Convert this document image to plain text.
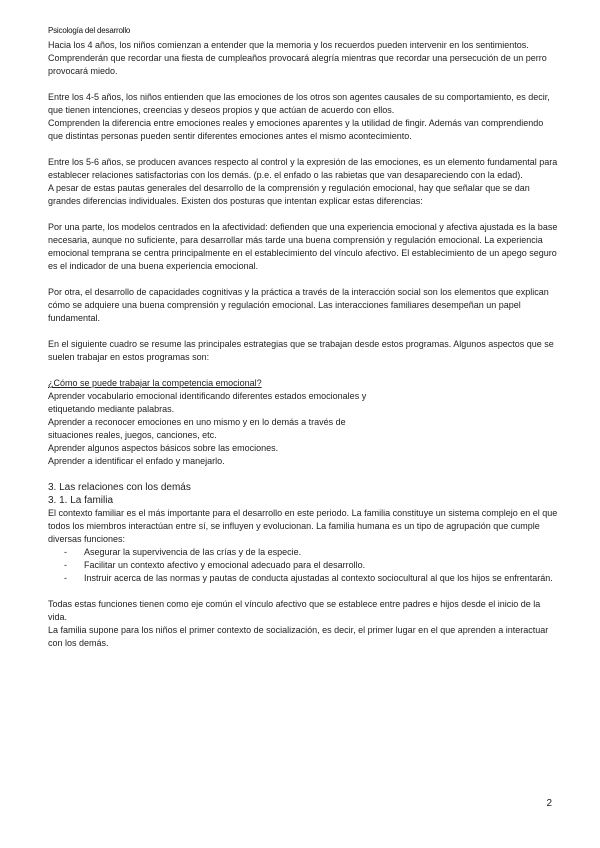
Psicología del desarrollo

Hacia los 4 años, los niños comienzan a entender que la memoria y los recuerdos pueden intervenir en los sentimientos. Comprenderán que recordar una fiesta de cumpleaños provocará alegría mientras que recordar una persecución de un perro provocará miedo.

Entre los 4-5 años, los niños entienden que las emociones de los otros son agentes causales de su comportamiento, es decir, que tienen intenciones, creencias y deseos propios y que actúan de acuerdo con ellos.

Comprenden la diferencia entre emociones reales y emociones aparentes y la utilidad de fingir. Además van comprendiendo que distintas personas pueden sentir diferentes emociones antes el mismo acontecimiento.

Entre los 5-6 años, se producen avances respecto al control y la expresión de las emociones, es un elemento fundamental para establecer relaciones satisfactorias con los demás. (p.e. el enfado o las rabietas que van desapareciendo con la edad).

A pesar de estas pautas generales del desarrollo de la comprensión y regulación emocional, hay que señalar que se dan grandes diferencias individuales. Existen dos posturas que intentan explicar estas diferencias:

Por una parte, los modelos centrados en la afectividad: defienden que una experiencia emocional y afectiva ajustada es la base necesaria, aunque no suficiente, para desarrollar más tarde una buena comprensión y regulación emocional. La experiencia emocional temprana se centra principalmente en el establecimiento del vínculo afectivo. El establecimiento de un apego seguro es el indicador de una buena experiencia emocional.

Por otra, el desarrollo de capacidades cognitivas y la práctica a través de la interacción social son los elementos que explican cómo se adquiere una buena comprensión y regulación emocional. Las interacciones familiares desempeñan un papel fundamental.

En el siguiente cuadro se resume las principales estrategias que se trabajan desde estos programas. Algunos aspectos que se suelen trabajar en estos programas son:

¿Cómo se puede trabajar la competencia emocional?

Aprender vocabulario emocional identificando diferentes estados emocionales y

etiquetando mediante palabras.

Aprender a reconocer emociones en uno mismo y en lo demás a través de

situaciones reales, juegos, canciones, etc.

Aprender algunos aspectos básicos sobre las emociones.

Aprender a identificar el enfado y manejarlo.

3. Las relaciones con los demás

3. 1. La familia

El contexto familiar es el más importante para el desarrollo en este periodo. La familia constituye un sistema complejo en el que todos los miembros interactúan entre sí, se influyen y evolucionan. La familia humana es un tipo de agrupación que cumple diversas funciones:

- Asegurar la supervivencia de las crías y de la especie.
- Facilitar un contexto afectivo y emocional adecuado para el desarrollo.
- Instruir acerca de las normas y pautas de conducta ajustadas al contexto sociocultural al que los hijos se enfrentarán.

Todas estas funciones tienen como eje común el vínculo afectivo que se establece entre padres e hijos desde el inicio de la vida.

La familia supone para los niños el primer contexto de socialización, es decir, el primer lugar en el que aprenden a interactuar con los demás.

2
